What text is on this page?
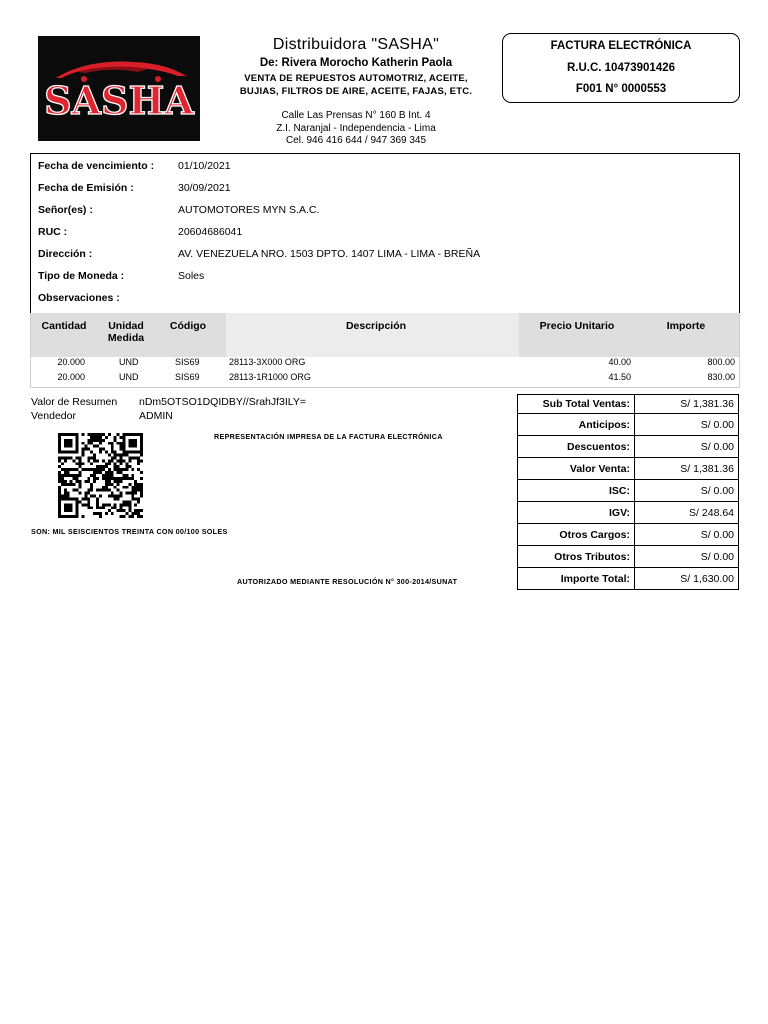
SASHA
Distribuidora "SASHA"
De: Rivera Morocho Katherin Paola
VENTA DE REPUESTOS AUTOMOTRIZ, ACEITE,
BUJIAS, FILTROS DE AIRE, ACEITE, FAJAS, ETC.
Calle Las Prensas N° 160 B Int. 4
Z.I. Naranjal - Independencia - Lima
Cel. 946 416 644 / 947 369 345
FACTURA ELECTRÓNICA
R.U.C. 10473901426
F001 N° 0000553
Fecha de vencimiento :	01/10/2021
Fecha de Emisión :	30/09/2021
Señor(es) :	AUTOMOTORES MYN S.A.C.
RUC :	20604686041
Dirección :	AV. VENEZUELA NRO. 1503 DPTO. 1407 LIMA - LIMA - BREÑA
Tipo de Moneda :	Soles
Observaciones :
Cantidad	Unidad
Medida
Código	Descripción	Precio Unitario	Importe
20.000	UND	SIS69	28113-3X000 ORG	40.00	800.00
20.000	UND	SIS69	28113-1R1000 ORG	41.50	830.00
Valor de Resumen	nDm5OTSO1DQIDBY//SrahJf3ILY=
Vendedor	ADMIN
REPRESENTACIÓN IMPRESA DE LA FACTURA ELECTRÓNICA
SON: MIL SEISCIENTOS TREINTA CON 00/100 SOLES
AUTORIZADO MEDIANTE RESOLUCIÓN N° 300-2014/SUNAT
Sub Total Ventas:	S/ 1,381.36
Anticipos:	S/ 0.00
Descuentos:	S/ 0.00
Valor Venta:	S/ 1,381.36
ISC:	S/ 0.00
IGV:	S/ 248.64
Otros Cargos:	S/ 0.00
Otros Tributos:	S/ 0.00
Importe Total:	S/ 1,630.00
